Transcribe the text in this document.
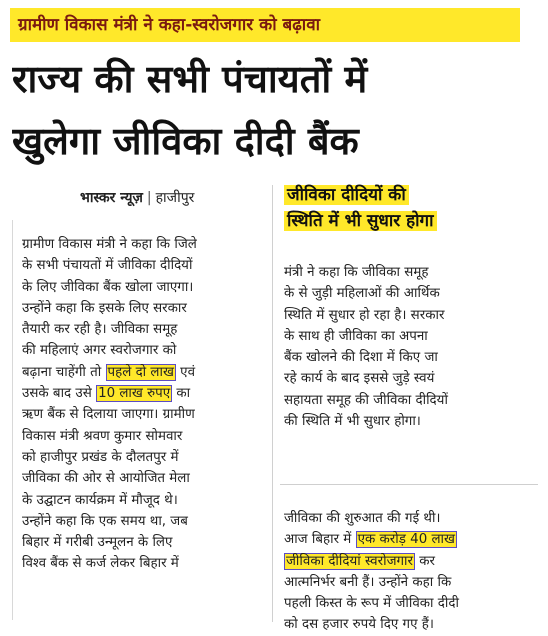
ग्रामीण विकास मंत्री ने कहा-स्वरोजगार को बढ़ावा
राज्य की सभी पंचायतों में
खुलेगा जीविका दीदी बैंक
भास्कर न्यूज़ | हाजीपुर
ग्रामीण विकास मंत्री ने कहा कि जिले
के सभी पंचायतों में जीविका दीदियों
के लिए जीविका बैंक खोला जाएगा।
उन्होंने कहा कि इसके लिए सरकार
तैयारी कर रही है। जीविका समूह
की महिलाएं अगर स्वरोजगार को
बढ़ाना चाहेंगी तो पहले दो लाख एवं
उसके बाद उसे 10 लाख रुपए का
ऋण बैंक से दिलाया जाएगा। ग्रामीण
विकास मंत्री श्रवण कुमार सोमवार
को हाजीपुर प्रखंड के दौलतपुर में
जीविका की ओर से आयोजित मेला
के उद्घाटन कार्यक्रम में मौजूद थे।
उन्होंने कहा कि एक समय था, जब
बिहार में गरीबी उन्मूलन के लिए
विश्व बैंक से कर्ज लेकर बिहार में
जीविका दीदियों की
स्थिति में भी सुधार होगा
मंत्री ने कहा कि जीविका समूह
के से जुड़ी महिलाओं की आर्थिक
स्थिति में सुधार हो रहा है। सरकार
के साथ ही जीविका का अपना
बैंक खोलने की दिशा में किए जा
रहे कार्य के बाद इससे जुड़े स्वयं
सहायता समूह की जीविका दीदियों
की स्थिति में भी सुधार होगा।
जीविका की शुरुआत की गई थी।
आज बिहार में एक करोड़ 40 लाख
जीविका दीदियां स्वरोजगार कर
आत्मनिर्भर बनी हैं। उन्होंने कहा कि
पहली किस्त के रूप में जीविका दीदी
को दस हजार रुपये दिए गए हैं।
